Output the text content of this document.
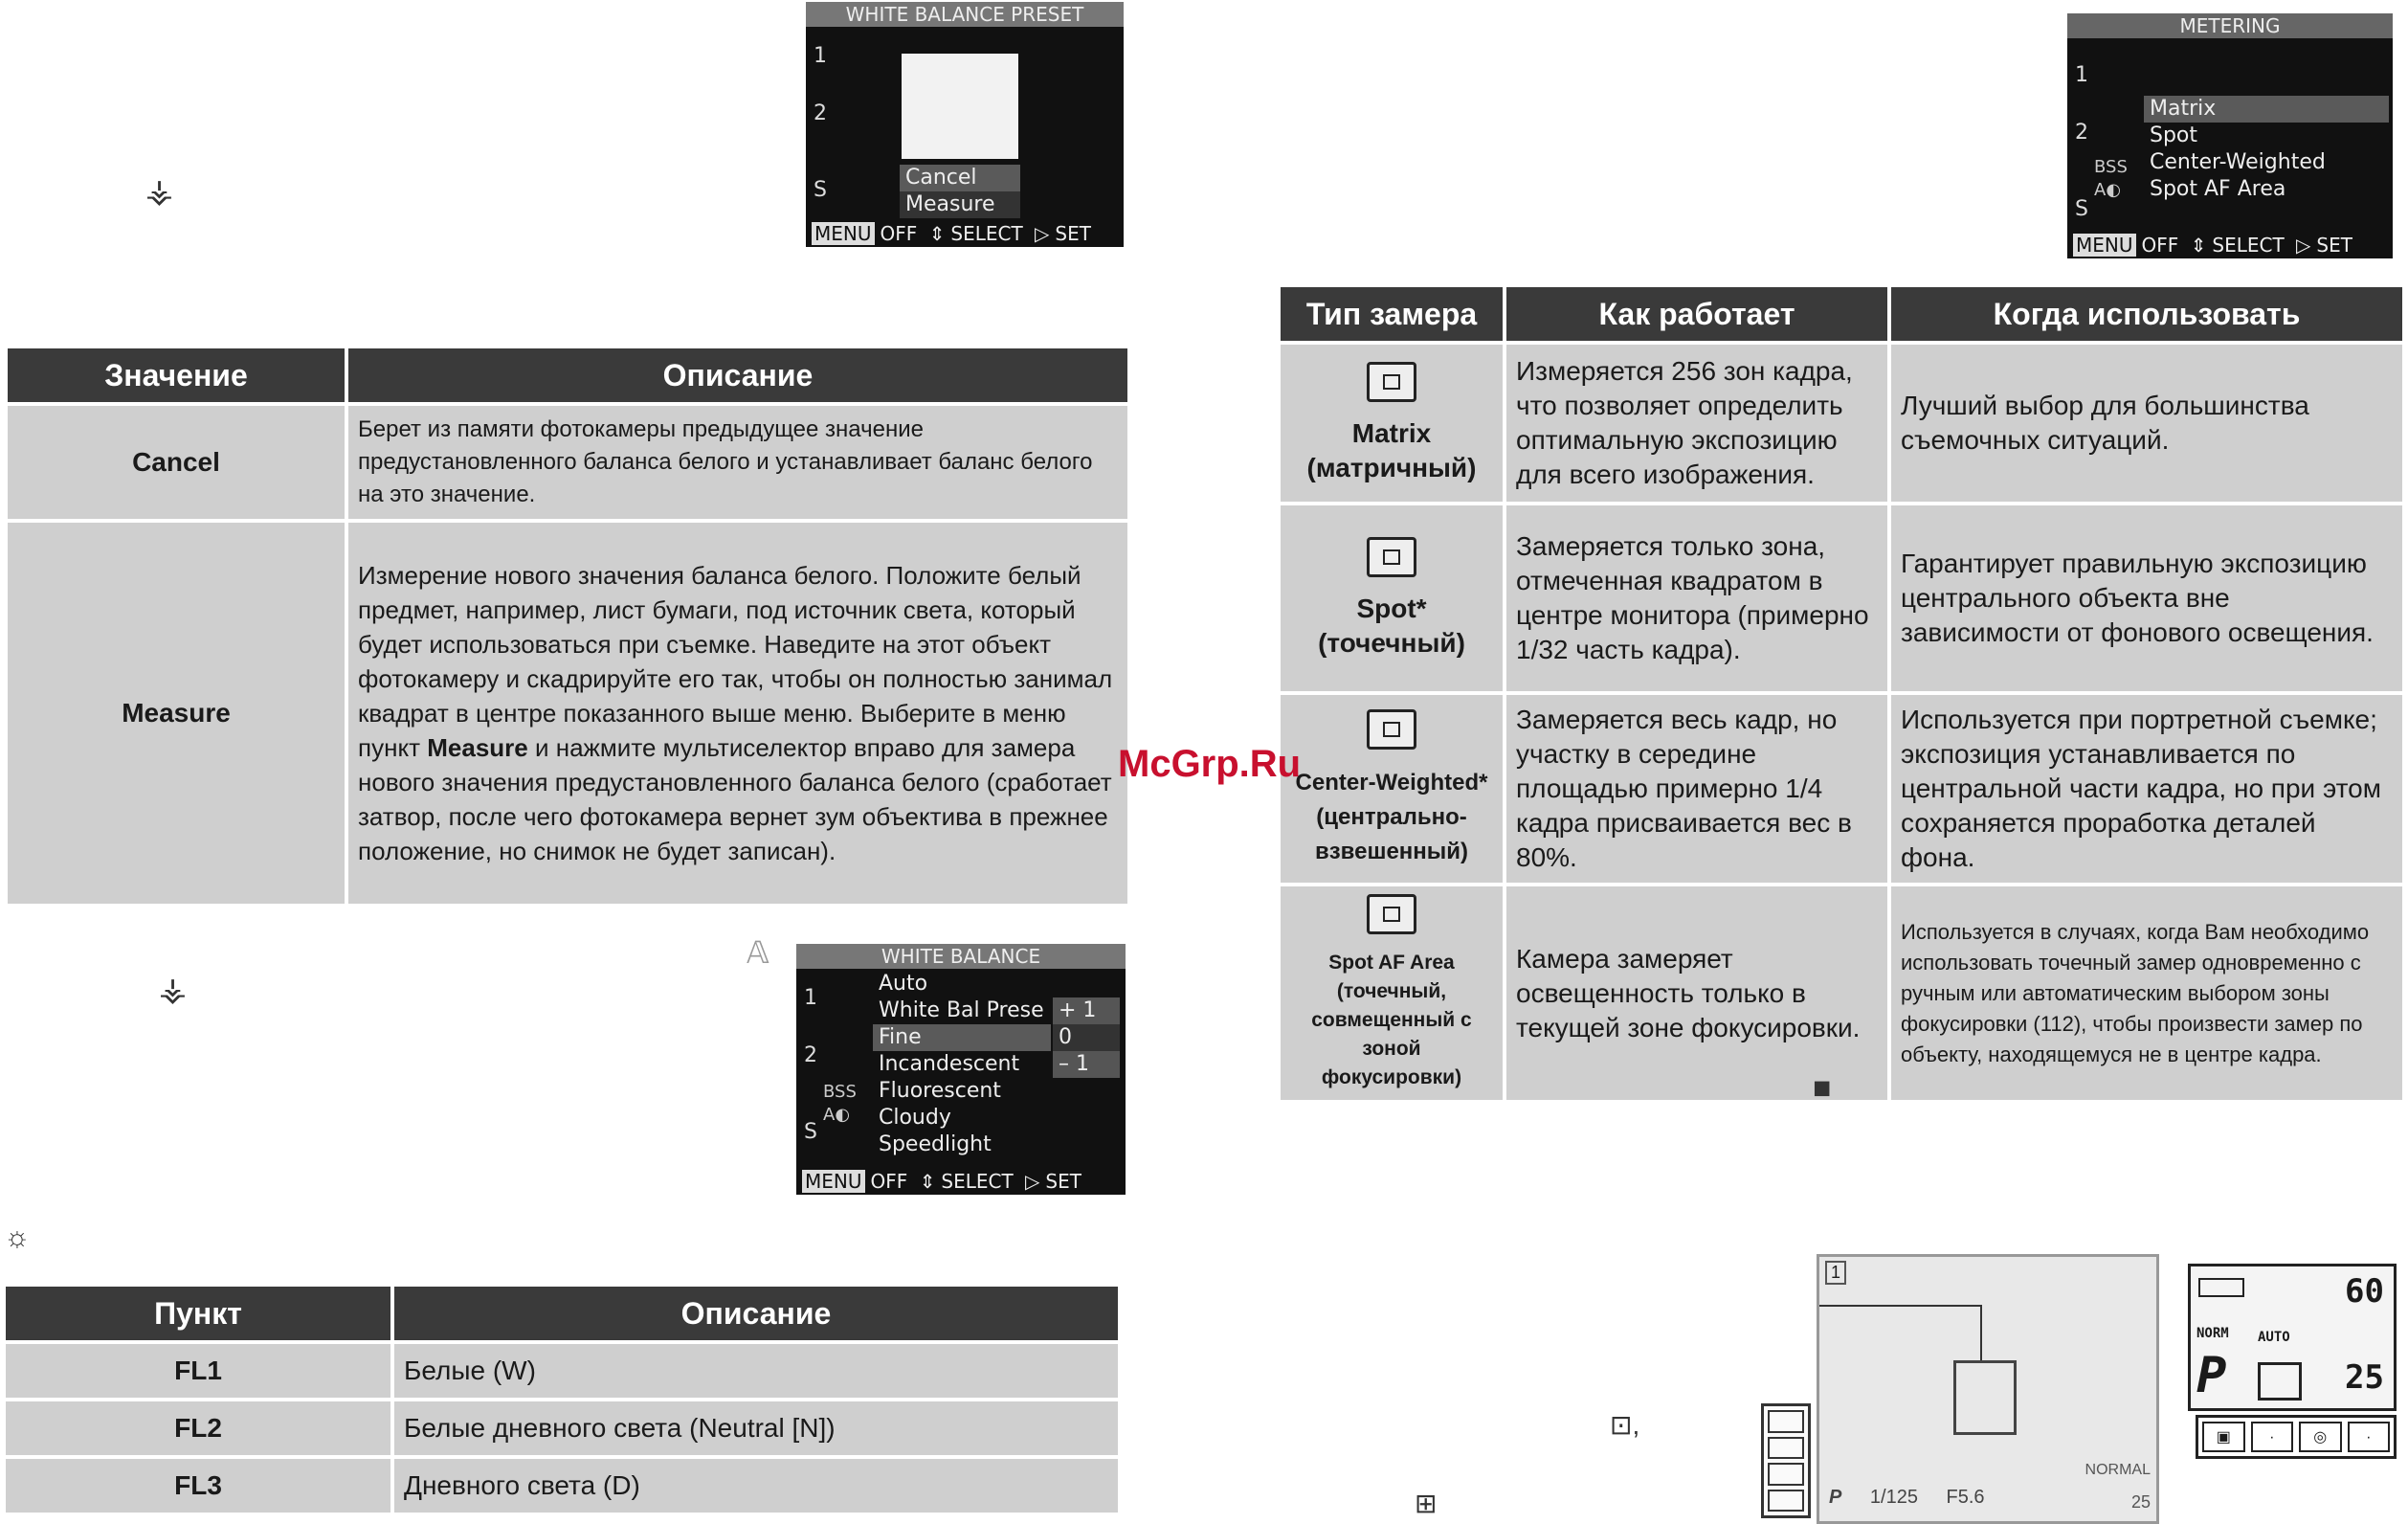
WHITE BALANCE PRESET
1
2
S
Cancel
Measure
MENU OFF ⇕ SELECT ▷ SET
⚶
Значение	Описание
Cancel	Берет из памяти фотокамеры предыдущее значение предустановленного баланса белого и устанавливает баланс белого на это значение.
Measure	Измерение нового значения баланса белого. Положите белый предмет, например, лист бумаги, под источник света, который будет использоваться при съемке. Наведите на этот объект фотокамеру и скадрируйте его так, чтобы он полностью занимал квадрат в центре показанного выше меню. Выберите в меню пункт Measure и нажмите мультиселектор вправо для замера нового значения предустановленного баланса белого (сработает затвор, после чего фотокамера вернет зум объектива в прежнее положение, но снимок не будет записан).
⚶
𝔸	WHITE BALANCE
1
2
S
BSS
A◐
Auto
White Bal Prese
Fine
Incandescent
Fluorescent
Cloudy
Speedlight
+ 1
0
– 1
MENU OFF ⇕ SELECT ▷ SET
☼
Пункт	Описание
FL1	Белые (W)
FL2	Белые дневного света (Neutral [N])
FL3	Дневного света (D)
METERING
1
2
S
BSS
A◐
Matrix
Spot
Center-Weighted
Spot AF Area
MENU OFF ⇕ SELECT ▷ SET
Тип замера	Как работает	Когда использовать

Matrix
(матричный)	Измеряется 256 зон кадра, что позволяет определить оптимальную экспозицию для всего изображения.	Лучший выбор для большинства съемочных ситуаций.

Spot*
(точечный)	Замеряется только зона, отмеченная квадратом в центре монитора (примерно 1/32 часть кадра).	Гарантирует правильную экспозицию центрального объекта вне зависимости от фонового освещения.

Center-Weighted*
(центрально-взвешенный)	Замеряется весь кадр, но участку в середине площадью примерно 1/4 кадра присваивается вес в 80%.	Используется при портретной съемке; экспозиция устанавливается по центральной части кадра, но при этом сохраняется проработка деталей фона.

Spot AF Area (точечный, совмещенный с зоной фокусировки)	Камера замеряет освещенность только в текущей зоне фокусировки.	Используется в случаях, когда Вам необходимо использовать точечный замер одновременно с ручным или автоматическим выбором зоны фокусировки (112), чтобы произвести замер по объекту, находящемуся не в центре кадра.
McGrp.Ru
■
⊡,
⊞
1
P 1/125 F5.6
NORMAL
25
60
NORM AUTO
P	25
▣	·	◎	·
